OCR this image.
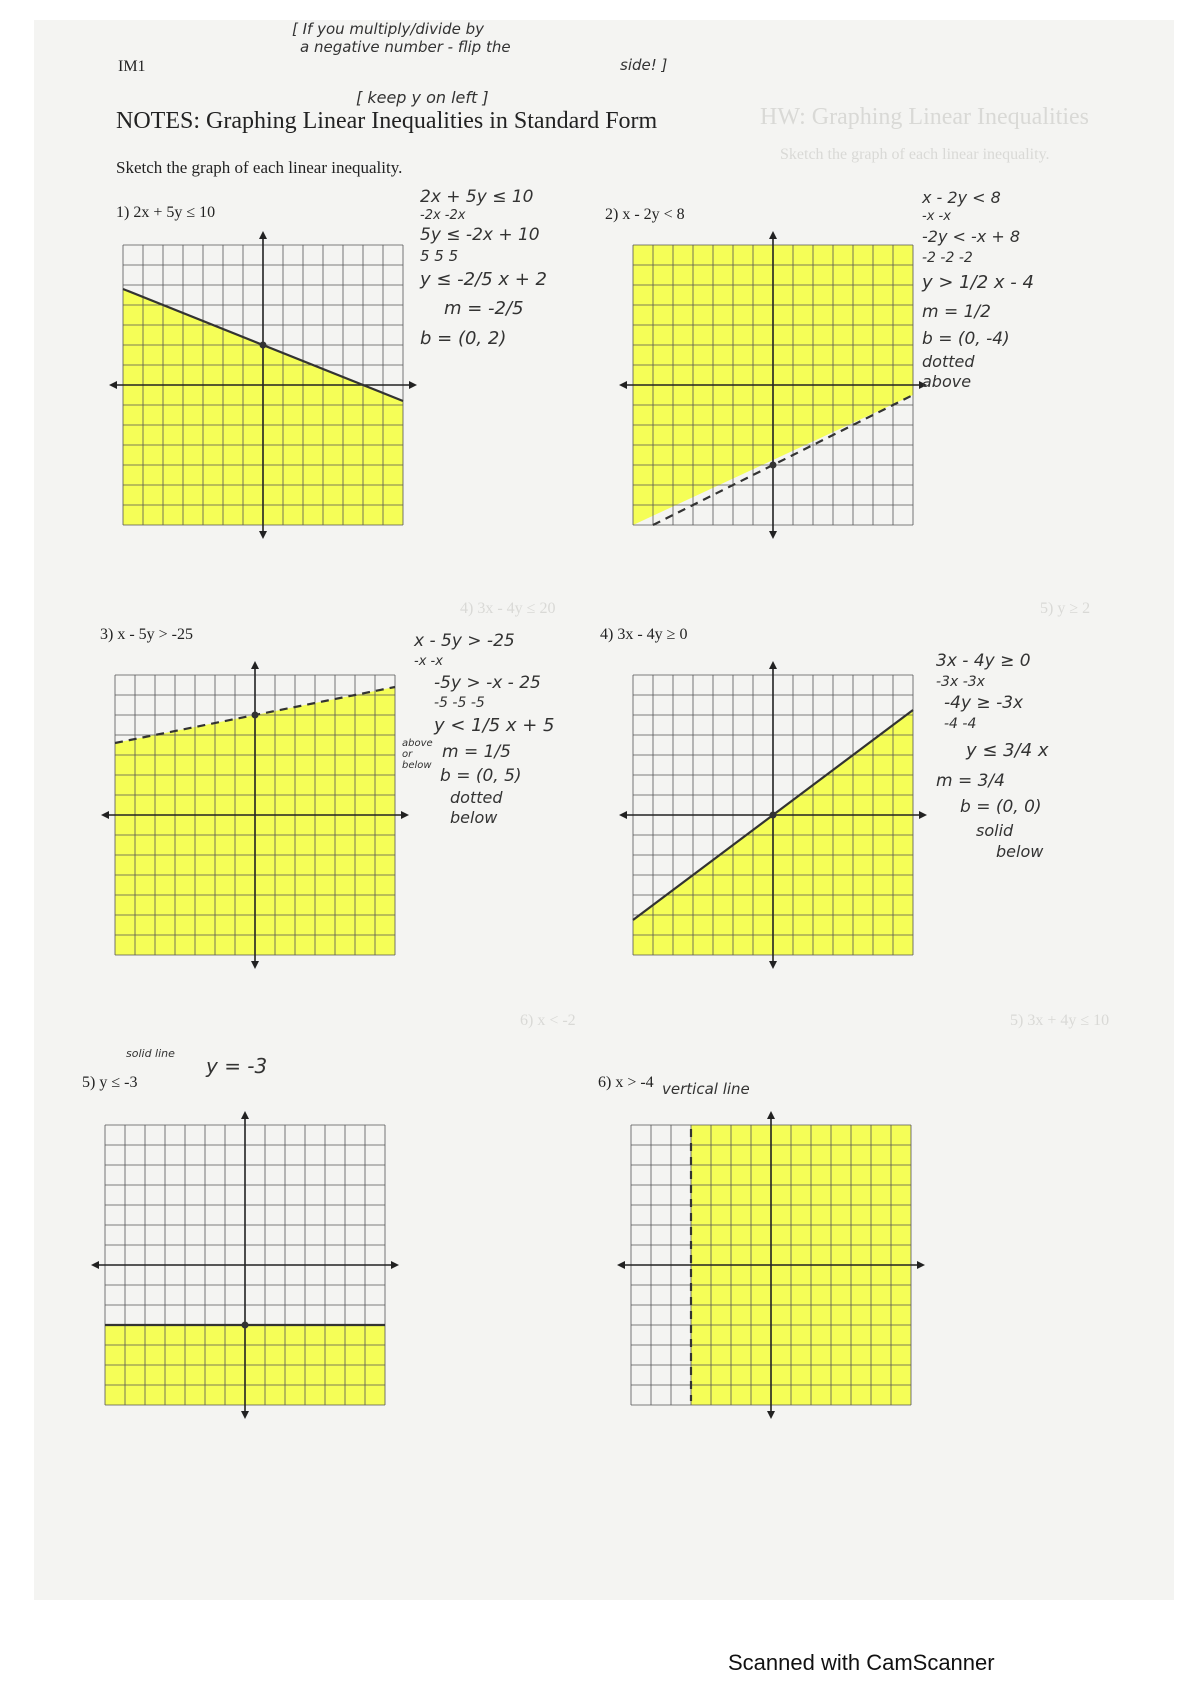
HW: Graphing Linear Inequalities
Sketch the graph of each linear inequality.
4) 3x - 4y ≤ 20	5) y ≥ 2
6) x < -2	5) 3x + 4y ≤ 10
IM1
[ If you multiply/divide by
a negative number - flip the
side! ]
[ keep y on left ]
NOTES: Graphing Linear Inequalities in Standard Form
Sketch the graph of each linear inequality.
1) 2x + 5y ≤ 10	2) x - 2y < 8
3) x - 5y > -25	4) 3x - 4y ≥ 0
5) y ≤ -3	6) x > -4
2x + 5y ≤ 10
-2x -2x
5y ≤ -2x + 10
5 5 5
y ≤ -2/5 x + 2
m = -2/5
b = (0, 2)
x - 2y < 8
-x -x
-2y < -x + 8
-2 -2 -2
y > 1/2 x - 4
m = 1/2
b = (0, -4)
dotted
above
above or below
x - 5y > -25
-x -x
-5y > -x - 25
-5 -5 -5
y < 1/5 x + 5
m = 1/5
b = (0, 5)
dotted
below
3x - 4y ≥ 0
-3x -3x
-4y ≥ -3x
-4 -4
y ≤ 3/4 x
m = 3/4
b = (0, 0)
solid
below
solid line
y = -3
vertical line
Scanned with CamScanner
